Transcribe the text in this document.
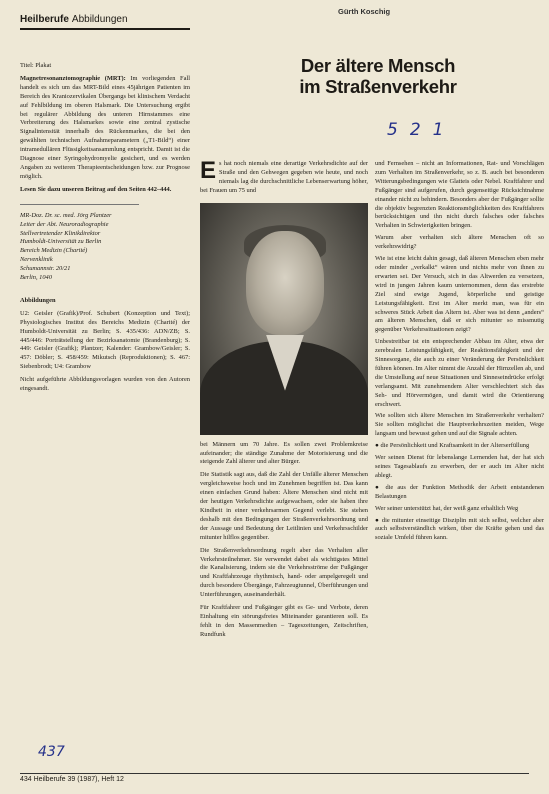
Heilberufe Abbildungen

Titel: Plakat

Magnetresonanztomographie (MRT): Im vorliegenden Fall handelt es sich um das MRT-Bild eines 45jährigen Patienten im Bereich des Kraniozervikalen Übergangs bei klinischem Verdacht auf Fehlbildung im oberen Halsmark. Die Untersuchung ergibt bei regulärer Abbildung des unteren Hirnstammes eine Verbreiterung des Halsmarkes sowie eine zentral zystische Signalintensität innerhalb des Rückenmarkes, die bei den gewählten technischen Aufnahmeparametern („T1-Bild“) einer intramedullären Flüssigkeitsansammlung entspricht. Damit ist die Diagnose einer Syringohydromyelie gesichert, und es werden Angaben zu weiteren Therapieentscheidungen bzw. zur Prognose möglich.

Lesen Sie dazu unseren Beitrag auf den Seiten 442–444.

MR-Doz. Dr. sc. med. Jörg Plantzer

Leiter der Abt. Neuroradiographie

Stellvertretender Klinikdirektor

Humboldt-Universität zu Berlin

Bereich Medizin (Charité)

Nervenklinik

Schumannstr. 20/21

Berlin, 1040

Abbildungen

U2: Geisler (Grafik)/Prof. Schubert (Konzeption und Text); Physiologisches Institut des Bereichs Medizin (Charité) der Humboldt-Universität zu Berlin; S. 435/436: ADN/ZB; S. 445/446: Porträtstellung der Bezirksanatomie (Brandenburg); S. 449: Geisler (Grafik); Plantzer; Kalender: Grambow/Geisler; S. 457: Döbler; S. 458/459: Mikutsch (Reproduktionen); S. 467: Siebenbrodt; U4: Grambow

Nicht aufgeführte Abbildungsvorlagen wurden von den Autoren eingesandt.

Gürth Koschig
Der ältere Mensch
im Straßenverkehr
521

Es hat noch niemals eine derartige Verkehrsdichte auf der Straße und den Gehwegen gegeben wie heute, und noch niemals lag die durchschnittliche Lebenserwartung höher, bei Frauen um 75 und

bei Männern um 70 Jahre. Es sollen zwei Problemkreise aufeinander; die ständige Zunahme der Motorisierung und die steigende Zahl älterer und alter Bürger.

Die Statistik sagt aus, daß die Zahl der Unfälle älterer Menschen vergleichsweise hoch und im Zunehmen begriffen ist. Das kann einen einfachen Grund haben: Ältere Menschen sind nicht mit der heutigen Verkehrsdichte aufgewachsen, oder sie haben ihre Kindheit in einer verkehrsarmen Gegend verlebt. Sie stehen deshalb mit den Bedingungen der Straßenverkehrsordnung und der Aussage und Bedeutung der Leitlinien und Verkehrsschilder mitunter hilflos gegenüber.

Die Straßenverkehrsordnung regelt aber das Verhalten aller Verkehrsteilnehmer. Sie verwendet dabei als wichtigstes Mittel die Kanalisierung, indem sie die Verkehrsströme der Fußgänger und Kraftfahrzeuge rhythmisch, hand- oder ampelgeregelt und durch besondere Übergänge, Fahrzeugtunnel, Überführungen und Unterführungen, auseinanderhält.

Für Kraftfahrer und Fußgänger gibt es Ge- und Verbote, deren Einhaltung ein störungsfreies Miteinander garantieren soll. Es fehlt in den Massenmedien – Tageszeitungen, Zeitschriften, Rundfunk

und Fernsehen – nicht an Informationen, Rat- und Vorschlägen zum Verhalten im Straßenverkehr, so z. B. auch bei besonderen Witterungsbedingungen wie Glatteis oder Nebel. Kraftfahrer und Fußgänger sind aufgerufen, durch gegenseitige Rücksichtnahme einander nicht zu behindern. Besonders aber der Fußgänger sollte die objektiv begrenzten Reaktionsmöglichkeiten des Kraftfahrers berücksichtigen und ihn nicht durch falsches oder falsches Verhalten in Schwierigkeiten bringen.

Warum aber verhalten sich ältere Menschen oft so verkehrswidrig?

Wie ist eine leicht dahin gesagt, daß älteren Menschen eben mehr oder minder „verkalkt“ wären und nichts mehr von ihnen zu erwarten sei. Der Versuch, sich in das Altwerden zu versetzen, wird in jungen Jahren kaum unternommen, denn das erstrebte Ziel sind ewige Jugend, körperliche und geistige Leistungsfähigkeit. Erst im Alter merkt man, was für ein schweres Stück Arbeit das Altern ist. Aber was ist denn „anders“ am älteren Menschen, daß er sich mitunter so missmutig gegenüber Verkehrssituationen zeigt?

Unbestreitbar ist ein entsprechender Abbau im Alter, etwa der zerebralen Leistungsfähigkeit, der Reaktionsfähigkeit und der Sinnesorgane, die auch zu einer Veränderung der Persönlichkeit führen können. Im Alter nimmt die Anzahl der Hirnzellen ab, und die Umstellung auf neue Situationen und Sinneseindrücke erfolgt verlangsamt. Mit zunehmendem Alter verschlechtert sich das Seh- und Hörvermögen, und damit wird die Orientierung erschwert.

Wie sollten sich ältere Menschen im Straßenverkehr verhalten? Sie sollten möglichst die Hauptverkehrszeiten meiden, Wege langsam und bewusst gehen und auf die Signale achten.

● die Persönlichkeit und Kraftsamkeit in der Alterserfüllung

Wer seinen Dienst für lebenslange Lernenden hat, der hat sich seines Tagesablaufs zu erwerben, der er auch im Alter nicht ablegt.

● die aus der Funktion Methodik der Arbeit entstandenen Belastungen

Wer seiner unterstützt hat, der weiß ganz erhaltlich Weg

● die mitunter einseitige Disziplin mit sich selbst, welcher aber auch selbstverständlich wirken, über die Kräfte gehen und das soziale Umfeld führen kann.

437
434 Heilberufe 39 (1987), Heft 12
